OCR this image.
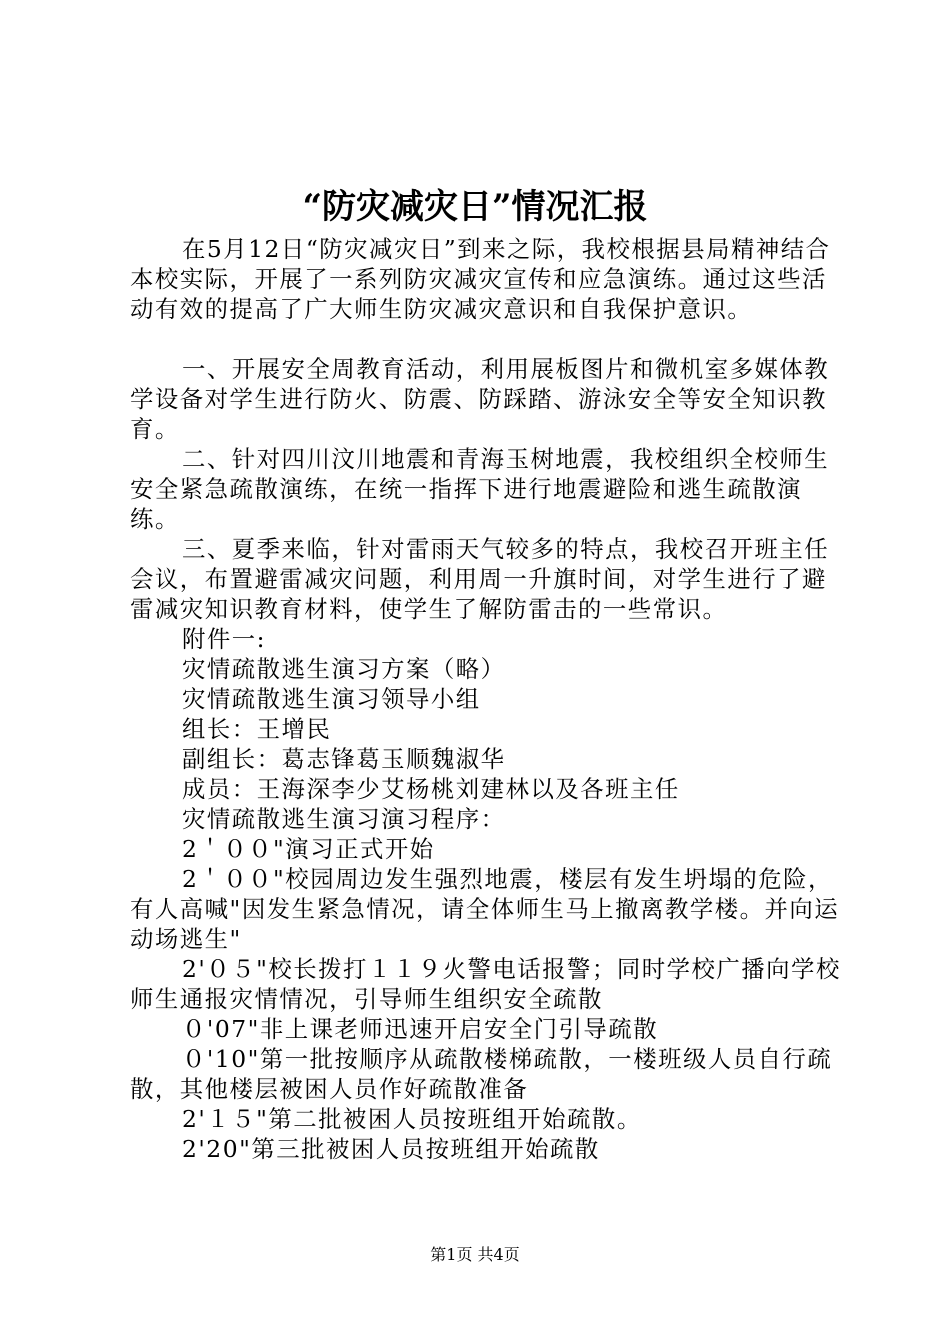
“防灾减灾日”情况汇报

在5月12日“防灾减灾日”到来之际，我校根据县局精神结合本校实际，开展了一系列防灾减灾宣传和应急演练。通过这些活动有效的提高了广大师生防灾减灾意识和自我保护意识。

一、开展安全周教育活动，利用展板图片和微机室多媒体教学设备对学生进行防火、防震、防踩踏、游泳安全等安全知识教育。

二、针对四川汶川地震和青海玉树地震，我校组织全校师生安全紧急疏散演练，在统一指挥下进行地震避险和逃生疏散演练。

三、夏季来临，针对雷雨天气较多的特点，我校召开班主任会议，布置避雷减灾问题，利用周一升旗时间，对学生进行了避雷减灾知识教育材料，使学生了解防雷击的一些常识。

附件一:

灾情疏散逃生演习方案（略）

灾情疏散逃生演习领导小组

组长：王增民

副组长：葛志锋葛玉顺魏淑华

成员：王海深李少艾杨桃刘建林以及各班主任

灾情疏散逃生演习演习程序：

2＇００"演习正式开始

2＇００"校园周边发生强烈地震，楼层有发生坍塌的危险，有人高喊"因发生紧急情况，请全体师生马上撤离教学楼。并向运动场逃生"

2'０５"校长拨打１１９火警电话报警；同时学校广播向学校师生通报灾情情况，引导师生组织安全疏散

０'07"非上课老师迅速开启安全门引导疏散

０'10"第一批按顺序从疏散楼梯疏散，一楼班级人员自行疏散，其他楼层被困人员作好疏散准备

2'１５"第二批被困人员按班组开始疏散。

2'20"第三批被困人员按班组开始疏散

第1页 共4页
